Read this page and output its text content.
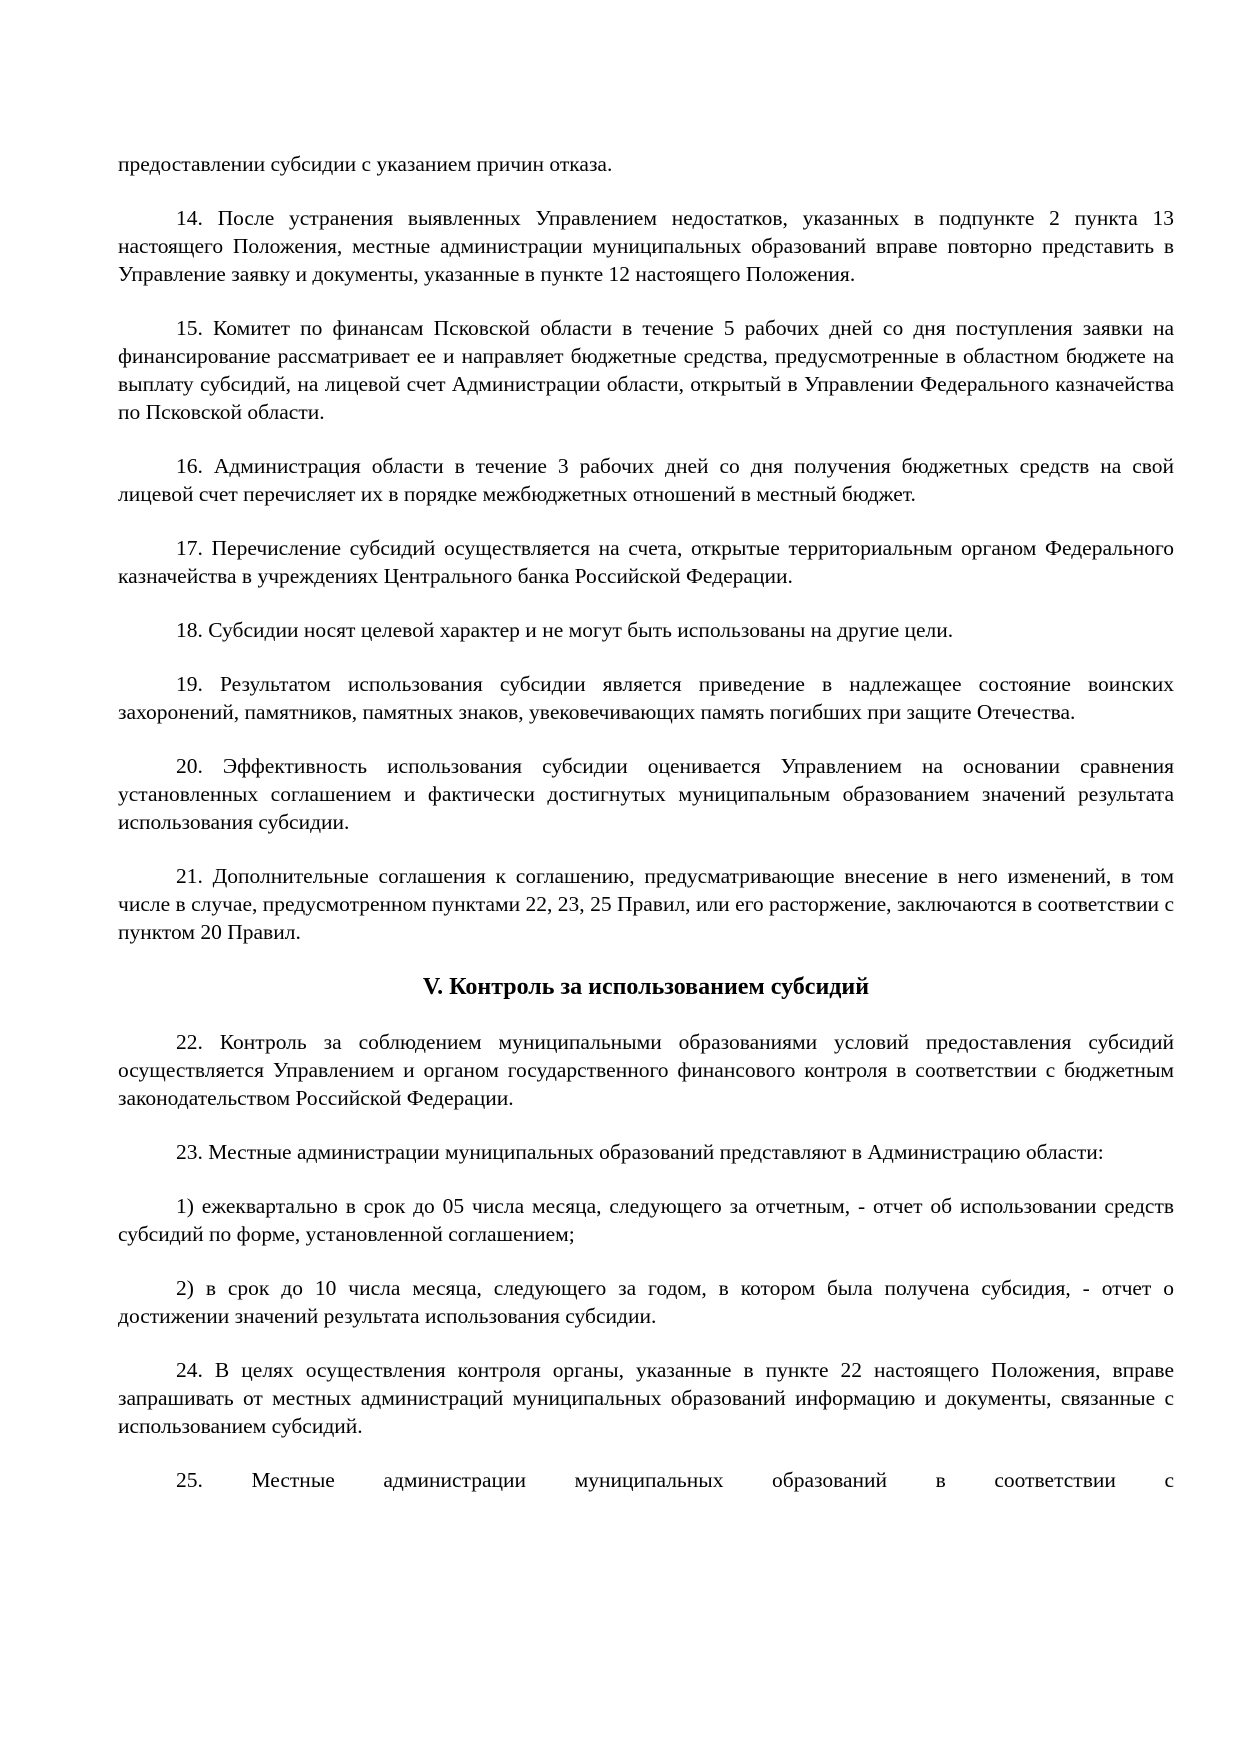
предоставлении субсидии с указанием причин отказа.

14. После устранения выявленных Управлением недостатков, указанных в подпункте 2 пункта 13 настоящего Положения, местные администрации муниципальных образований вправе повторно представить в Управление заявку и документы, указанные в пункте 12 настоящего Положения.

15. Комитет по финансам Псковской области в течение 5 рабочих дней со дня поступления заявки на финансирование рассматривает ее и направляет бюджетные средства, предусмотренные в областном бюджете на выплату субсидий, на лицевой счет Администрации области, открытый в Управлении Федерального казначейства по Псковской области.

16. Администрация области в течение 3 рабочих дней со дня получения бюджетных средств на свой лицевой счет перечисляет их в порядке межбюджетных отношений в местный бюджет.

17. Перечисление субсидий осуществляется на счета, открытые территориальным органом Федерального казначейства в учреждениях Центрального банка Российской Федерации.

18. Субсидии носят целевой характер и не могут быть использованы на другие цели.

19. Результатом использования субсидии является приведение в надлежащее состояние воинских захоронений, памятников, памятных знаков, увековечивающих память погибших при защите Отечества.

20. Эффективность использования субсидии оценивается Управлением на основании сравнения установленных соглашением и фактически достигнутых муниципальным образованием значений результата использования субсидии.

21. Дополнительные соглашения к соглашению, предусматривающие внесение в него изменений, в том числе в случае, предусмотренном пунктами 22, 23, 25 Правил, или его расторжение, заключаются в соответствии с пунктом 20 Правил.

V. Контроль за использованием субсидий

22. Контроль за соблюдением муниципальными образованиями условий предоставления субсидий осуществляется Управлением и органом государственного финансового контроля в соответствии с бюджетным законодательством Российской Федерации.

23. Местные администрации муниципальных образований представляют в Администрацию области:

1) ежеквартально в срок до 05 числа месяца, следующего за отчетным, - отчет об использовании средств субсидий по форме, установленной соглашением;

2) в срок до 10 числа месяца, следующего за годом, в котором была получена субсидия, - отчет о достижении значений результата использования субсидии.

24. В целях осуществления контроля органы, указанные в пункте 22 настоящего Положения, вправе запрашивать от местных администраций муниципальных образований информацию и документы, связанные с использованием субсидий.

25. Местные администрации муниципальных образований в соответствии с
